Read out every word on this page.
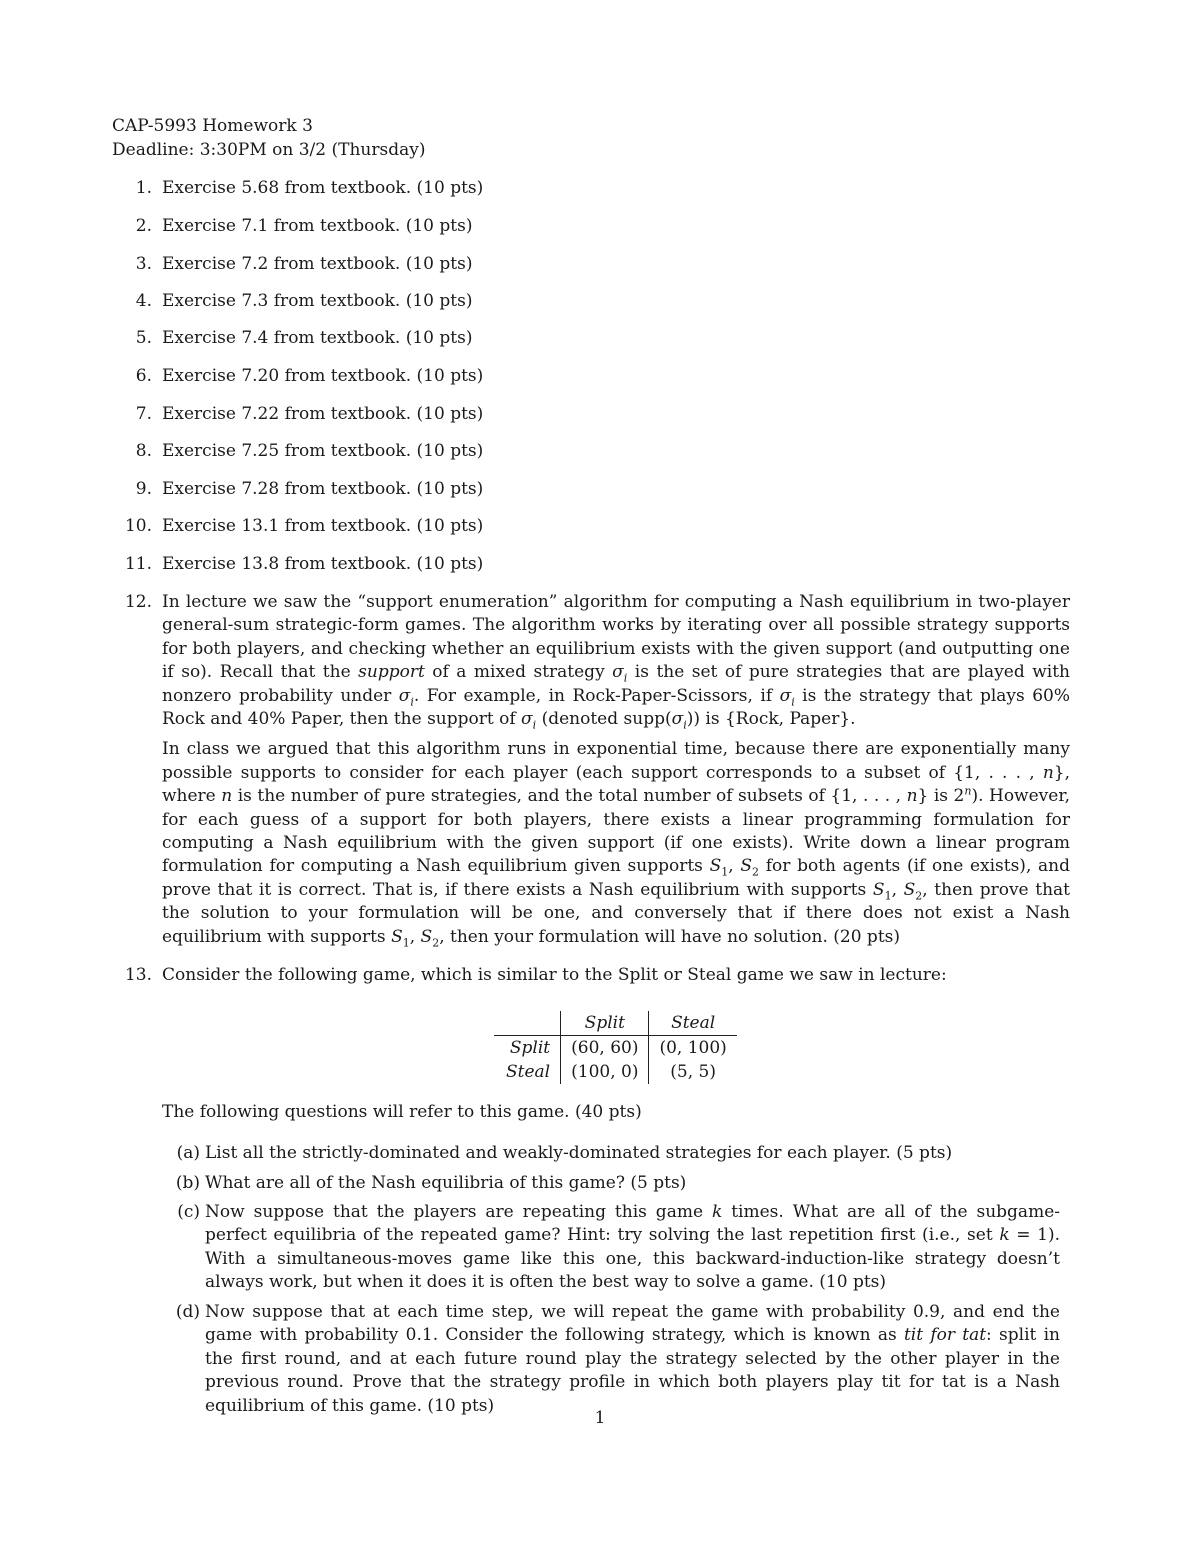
CAP-5993 Homework 3
Deadline: 3:30PM on 3/2 (Thursday)
1. Exercise 5.68 from textbook. (10 pts)
2. Exercise 7.1 from textbook. (10 pts)
3. Exercise 7.2 from textbook. (10 pts)
4. Exercise 7.3 from textbook. (10 pts)
5. Exercise 7.4 from textbook. (10 pts)
6. Exercise 7.20 from textbook. (10 pts)
7. Exercise 7.22 from textbook. (10 pts)
8. Exercise 7.25 from textbook. (10 pts)
9. Exercise 7.28 from textbook. (10 pts)
10. Exercise 13.1 from textbook. (10 pts)
11. Exercise 13.8 from textbook. (10 pts)
12. In lecture we saw the “support enumeration” algorithm for computing a Nash equilibrium in two-player general-sum strategic-form games. The algorithm works by iterating over all possible strategy supports for both players, and checking whether an equilibrium exists with the given support (and outputting one if so). Recall that the support of a mixed strategy $\sigma_i$ is the set of pure strategies that are played with nonzero probability under $\sigma_i$. For example, in Rock-Paper-Scissors, if $\sigma_i$ is the strategy that plays 60% Rock and 40% Paper, then the support of $\sigma_i$ (denoted $supp(\sigma_i)$) is {Rock, Paper}.

In class we argued that this algorithm runs in exponential time, because there are exponentially many possible supports to consider for each player (each support corresponds to a subset of {1, . . . , n}, where n is the number of pure strategies, and the total number of subsets of {1, . . . , n} is 2$^n$). However, for each guess of a support for both players, there exists a linear programming formulation for computing a Nash equilibrium with the given support (if one exists). Write down a linear program formulation for computing a Nash equilibrium given supports $S_1$, $S_2$ for both agents (if one exists), and prove that it is correct. That is, if there exists a Nash equilibrium with supports $S_1$, $S_2$, then prove that the solution to your formulation will be one, and conversely that if there does not exist a Nash equilibrium with supports $S_1$, $S_2$, then your formulation will have no solution. (20 pts)

13. Consider the following game, which is similar to the Split or Steal game we saw in lecture:
	Split	Steal
Split	(60, 60)	(0, 100)
Steal	(100, 0)	(5, 5)
The following questions will refer to this game. (40 pts)
(a) List all the strictly-dominated and weakly-dominated strategies for each player. (5 pts)
(b) What are all of the Nash equilibria of this game? (5 pts)
(c) Now suppose that the players are repeating this game k times. What are all of the subgame-perfect equilibria of the repeated game? Hint: try solving the last repetition first (i.e., set k = 1). With a simultaneous-moves game like this one, this backward-induction-like strategy doesn’t always work, but when it does it is often the best way to solve a game. (10 pts)
(d) Now suppose that at each time step, we will repeat the game with probability 0.9, and end the game with probability 0.1. Consider the following strategy, which is known as tit for tat: split in the first round, and at each future round play the strategy selected by the other player in the previous round. Prove that the strategy profile in which both players play tit for tat is a Nash equilibrium of this game. (10 pts)
1
